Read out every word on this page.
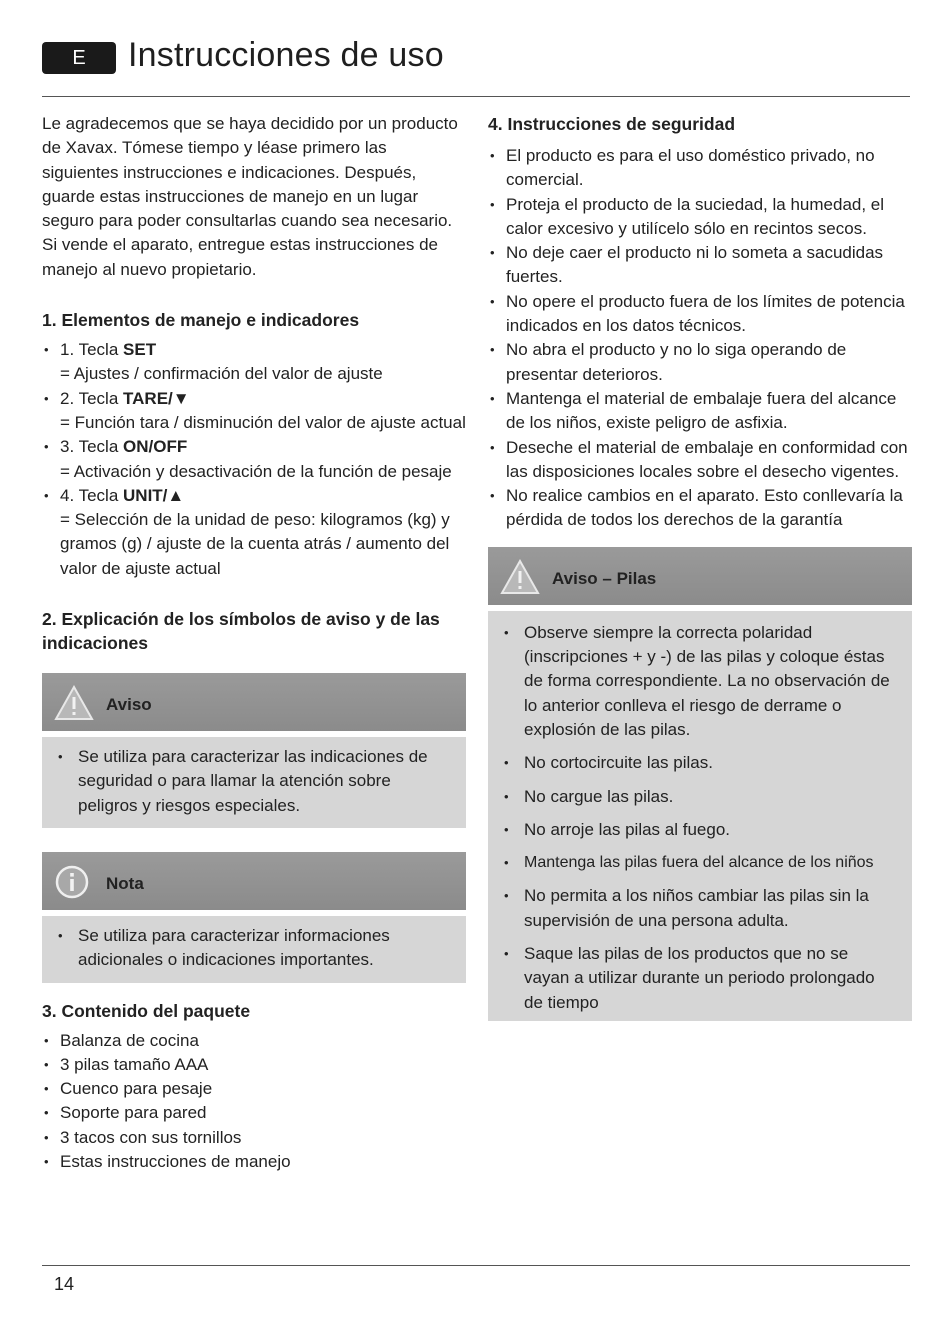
E	Instrucciones de uso

Le agradecemos que se haya decidido por un producto de Xavax. Tómese tiempo y léase primero las siguientes instrucciones e indicaciones. Después, guarde estas instrucciones de manejo en un lugar seguro para poder consultarlas cuando sea necesario. Si vende el aparato, entregue estas instrucciones de manejo al nuevo propietario.

1. Elementos de manejo e indicadores
• 1. Tecla SET
= Ajustes / confirmación del valor de ajuste
• 2. Tecla TARE/▼
= Función tara / disminución del valor de ajuste actual
• 3. Tecla ON/OFF
= Activación y desactivación de la función de pesaje
• 4. Tecla UNIT/▲
= Selección de la unidad de peso: kilogramos (kg) y gramos (g) / ajuste de la cuenta atrás / aumento del valor de ajuste actual
2. Explicación de los símbolos de aviso y de las indicaciones
Aviso
• Se utiliza para caracterizar las indicaciones de seguridad o para llamar la atención sobre peligros y riesgos especiales.
Nota
• Se utiliza para caracterizar informaciones adicionales o indicaciones importantes.
3. Contenido del paquete
• Balanza de cocina
• 3 pilas tamaño AAA
• Cuenco para pesaje
• Soporte para pared
• 3 tacos con sus tornillos
• Estas instrucciones de manejo
4. Instrucciones de seguridad
• El producto es para el uso doméstico privado, no comercial.
• Proteja el producto de la suciedad, la humedad, el calor excesivo y utilícelo sólo en recintos secos.
• No deje caer el producto ni lo someta a sacudidas fuertes.
• No opere el producto fuera de los límites de potencia indicados en los datos técnicos.
• No abra el producto y no lo siga operando de presentar deterioros.
• Mantenga el material de embalaje fuera del alcance de los niños, existe peligro de asfixia.
• Deseche el material de embalaje en conformidad con las disposiciones locales sobre el desecho vigentes.
• No realice cambios en el aparato. Esto conllevaría la pérdida de todos los derechos de la garantía
Aviso – Pilas
• Observe siempre la correcta polaridad (inscripciones + y -) de las pilas y coloque éstas de forma correspondiente. La no observación de lo anterior conlleva el riesgo de derrame o explosión de las pilas.
• No cortocircuite las pilas.
• No cargue las pilas.
• No arroje las pilas al fuego.
• Mantenga las pilas fuera del alcance de los niños
• No permita a los niños cambiar las pilas sin la supervisión de una persona adulta.
• Saque las pilas de los productos que no se vayan a utilizar durante un periodo prolongado de tiempo
14
